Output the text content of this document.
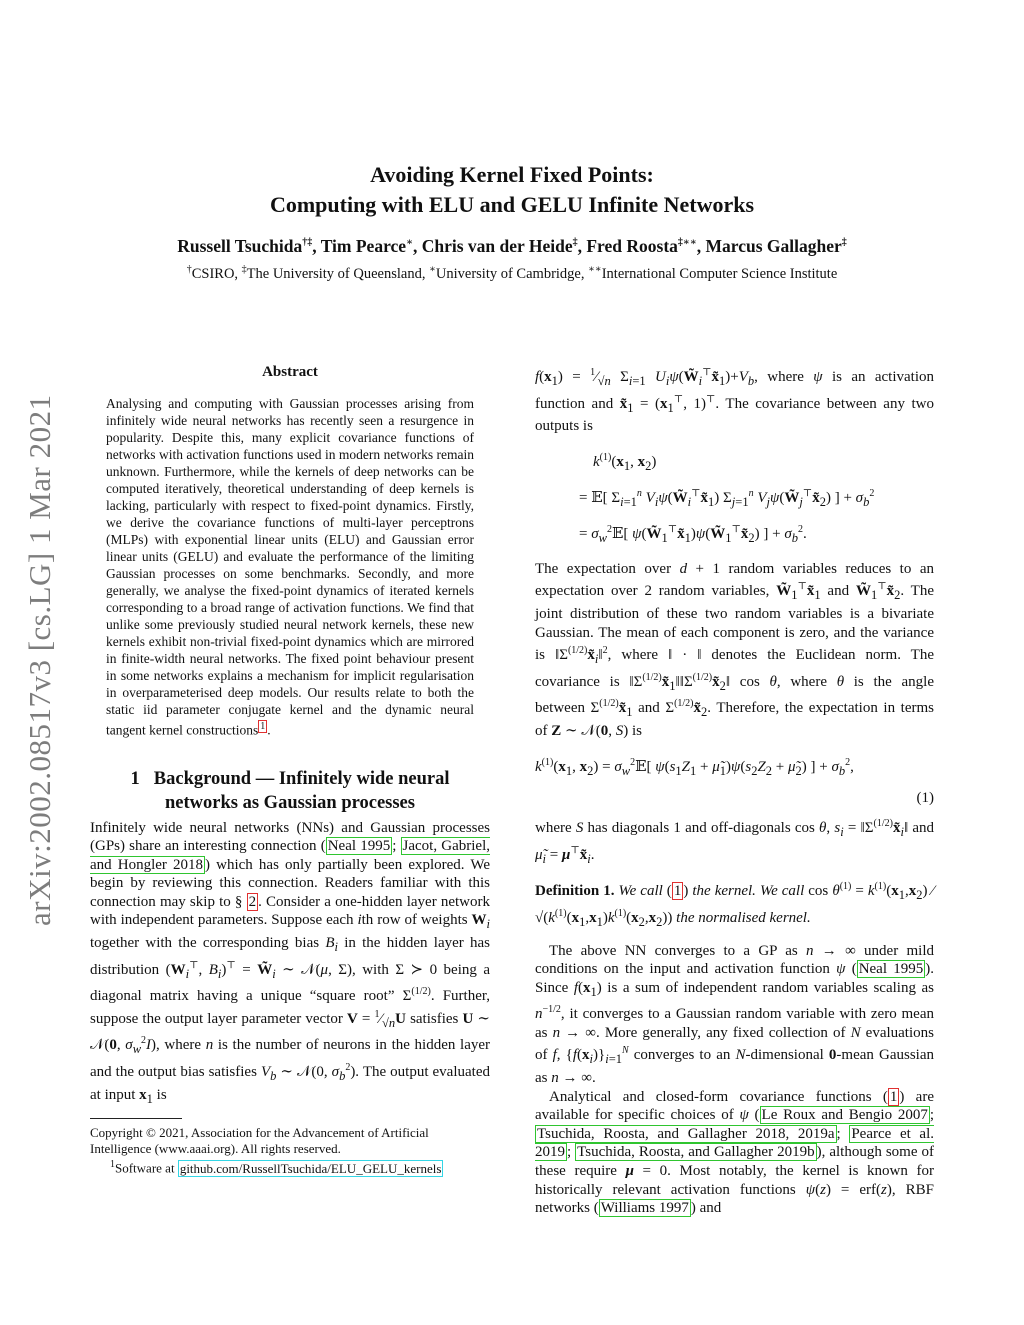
arXiv:2002.08517v3 [cs.LG] 1 Mar 2021
Avoiding Kernel Fixed Points:
Computing with ELU and GELU Infinite Networks
Russell Tsuchida†‡, Tim Pearce∗, Chris van der Heide‡, Fred Roosta‡∗∗, Marcus Gallagher‡
†CSIRO, ‡The University of Queensland, ∗University of Cambridge, ∗∗International Computer Science Institute
Abstract
Analysing and computing with Gaussian processes arising from infinitely wide neural networks has recently seen a resurgence in popularity. Despite this, many explicit covariance functions of networks with activation functions used in modern networks remain unknown. Furthermore, while the kernels of deep networks can be computed iteratively, theoretical understanding of deep kernels is lacking, particularly with respect to fixed-point dynamics. Firstly, we derive the covariance functions of multi-layer perceptrons (MLPs) with exponential linear units (ELU) and Gaussian error linear units (GELU) and evaluate the performance of the limiting Gaussian processes on some benchmarks. Secondly, and more generally, we analyse the fixed-point dynamics of iterated kernels corresponding to a broad range of activation functions. We find that unlike some previously studied neural network kernels, these new kernels exhibit non-trivial fixed-point dynamics which are mirrored in finite-width neural networks. The fixed point behaviour present in some networks explains a mechanism for implicit regularisation in overparameterised deep models. Our results relate to both the static iid parameter conjugate kernel and the dynamic neural tangent kernel constructions $^1$ .
1 Background — Infinitely wide neural
networks as Gaussian processes

Infinitely wide neural networks (NNs) and Gaussian processes (GPs) share an interesting connection ( Neal 1995 ; Jacot, Gabriel, and Hongler 2018 ) which has only partially been explored. We begin by reviewing this connection. Readers familiar with this connection may skip to § 2 . Consider a one-hidden layer network with independent parameters. Suppose each ith row of weights $W_i$ together with the corresponding bias $B_i$ in the hidden layer has distribution ($W_i^⊤$, $B_i)^⊤$ = $W̃_i$ ∼ 𝒩(μ, Σ), with Σ ≻ 0 being a diagonal matrix having a unique “square root” $\Sigma^{(1/2)}$. Further, suppose the output layer parameter vector $V = ^1⁄_{√n}U$ satisfies U ∼ 𝒩(0, $\sigma_w^2I$), where n is the number of neurons in the hidden layer and the output bias satisfies $V_b$ ∼ 𝒩(0, $\sigma_b^2$). The output evaluated at input $x_1$ is

Copyright © 2021, Association for the Advancement of Artificial Intelligence (www.aaai.org). All rights reserved.
$^1$Software at github.com/RussellTsuchida/ELU_GELU_kernels

$f(x_1)$ = $^1⁄_{√n}$ $\Sigma_{i=1}$ $U_i\psi(W̃_i^⊤x̃_1)+V_b$, where ψ is an activation function and $x̃_1 = (x_1^⊤$, 1)⊤. The covariance between any two outputs is

$k^{(1)}(x_1$, $x_2$)
= 𝔼[ $\Sigma_{i=1}^n$ $V_i\psi(W̃_i^⊤x̃_1)$ $\Sigma_{j=1}^n$ $V_j\psi(W̃_j^⊤x̃_2)$ ] + $\sigma_b^2$
= $\sigma_w^2𝔼$[ $\psi(W̃_1^⊤x̃_1)\psi(W̃_1^⊤x̃_2)$ ] + $\sigma_b^2$.

The expectation over d + 1 random variables reduces to an expectation over 2 random variables, $W̃_1^⊤x̃_1$ and $W̃_1^⊤x̃_2$. The joint distribution of these two random variables is a bivariate Gaussian. The mean of each component is zero, and the variance is $‖\Sigma^{(1/2)}x̃_i‖^2$, where ‖ · ‖ denotes the Euclidean norm. The covariance is $‖\Sigma^{(1/2)}x̃_1‖‖\Sigma^{(1/2)}x̃_2‖$ cos θ, where θ is the angle between $\Sigma^{(1/2)}x̃_1$ and $\Sigma^{(1/2)}x̃_2$. Therefore, the expectation in terms of Z ∼ 𝒩(0, S) is

$k^{(1)}(x_1$, $x_2$) = $\sigma_w^2𝔼$[ $\psi(s_1Z_1$ + $\mũ_1)\psi(s_2Z_2$ + $\mũ_2$) ] + $\sigma_b^2$,
(1)

where S has diagonals 1 and off-diagonals cos θ, $s_i$ = $‖\Sigma^{(1/2)}x̃_i‖$ and $\mũ_i$ = $\mu^⊤x̃_i$.

Definition 1. We call ( 1 ) the kernel. We call $\cos \theta^{(1)} = k^{(1)}(x_1,x_2)$ ⁄ $√(k^{(1)}(x_1,x_1)k^{(1)}(x_2,x_2))$ the normalised kernel.

The above NN converges to a GP as n → ∞ under mild conditions on the input and activation function ψ ( Neal 1995 ). Since $f(x_1)$ is a sum of independent random variables scaling as $n^{-1/2}$, it converges to a Gaussian random variable with zero mean as n → ∞. More generally, any fixed collection of N evaluations of f, $\{f(x_i)\}_{i=1}^N$ converges to an N-dimensional 0-mean Gaussian as n → ∞.

Analytical and closed-form covariance functions ( 1 ) are available for specific choices of ψ ( Le Roux and Bengio 2007 ; Tsuchida, Roosta, and Gallagher 2018, 2019a ; Pearce et al. 2019 ; Tsuchida, Roosta, and Gallagher 2019b ), although some of these require μ = 0. Most notably, the kernel is known for historically relevant activation functions ψ(z) = erf(z), RBF networks ( Williams 1997 ) and
